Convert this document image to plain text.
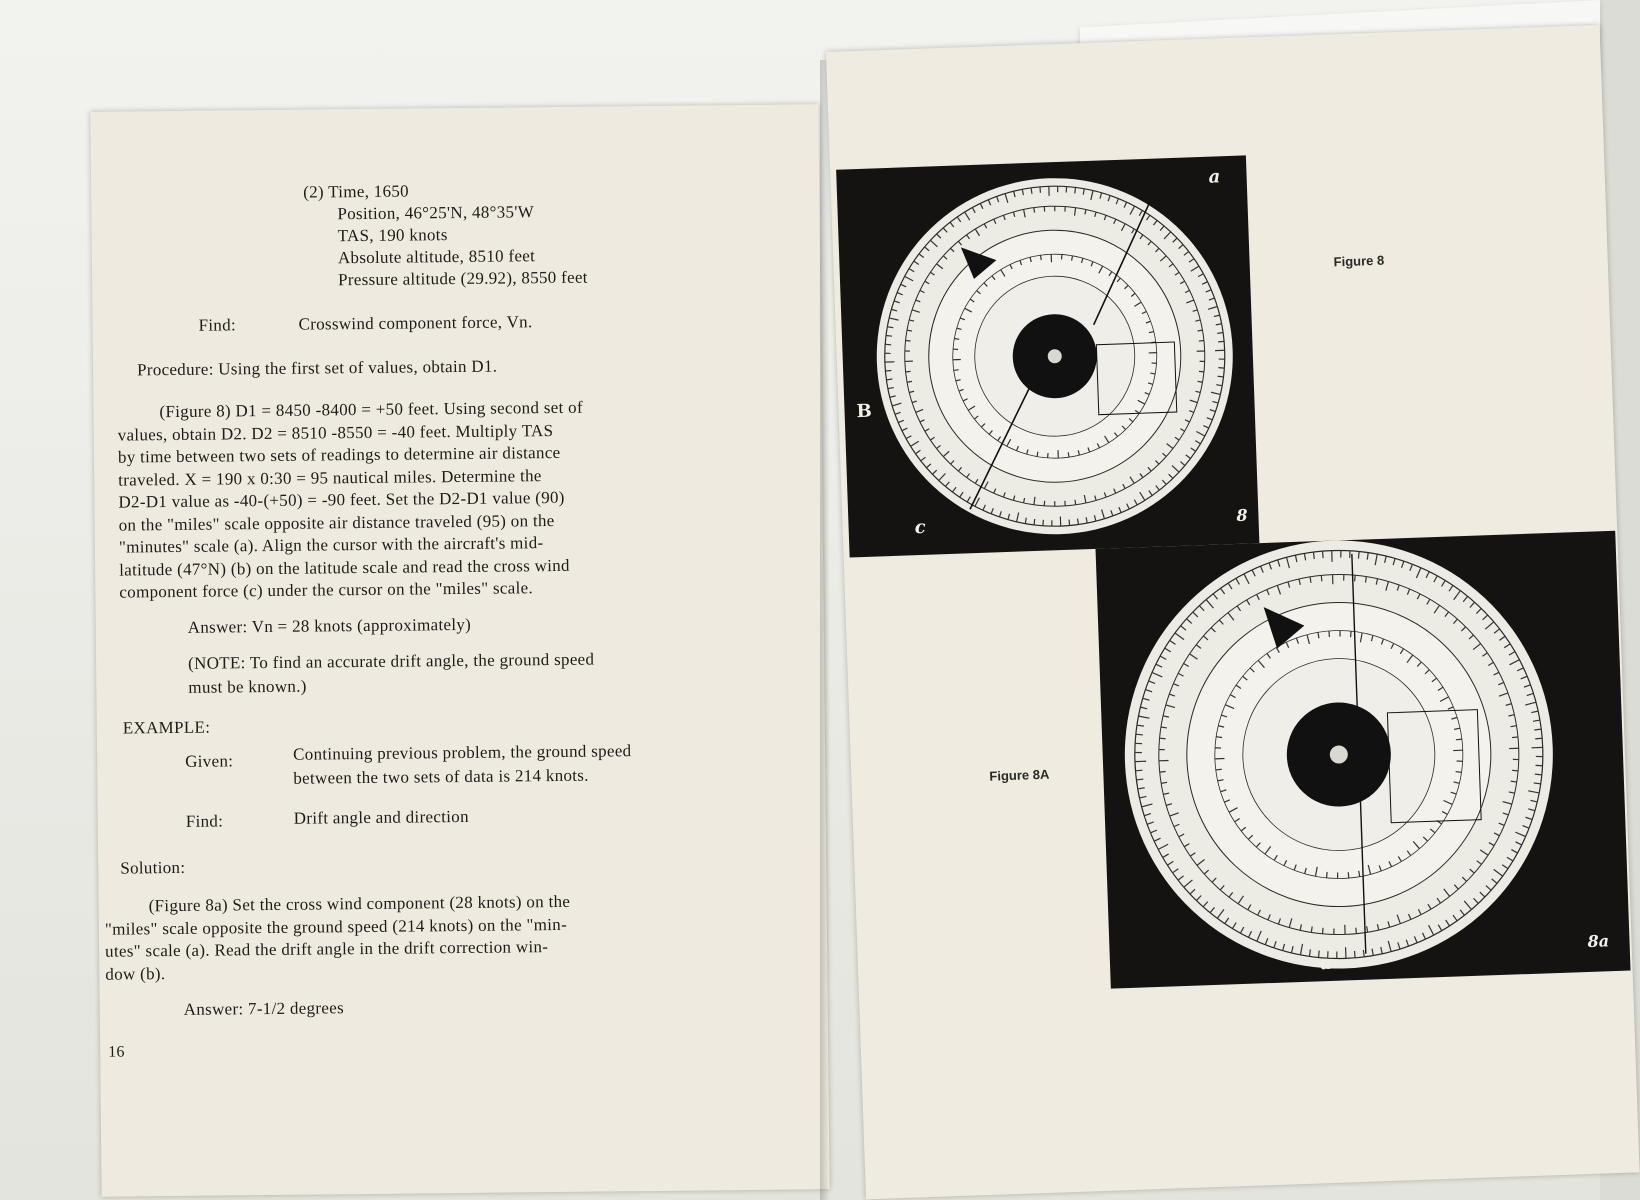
(2) Time, 1650
Position, 46°25'N, 48°35'W
TAS, 190 knots
Absolute altitude, 8510 feet
Pressure altitude (29.92), 8550 feet
Find:	Crosswind component force, Vn.
Procedure: Using the first set of values, obtain D1.
(Figure 8) D1 = 8450 -8400 = +50 feet. Using second set of
values, obtain D2. D2 = 8510 -8550 = -40 feet. Multiply TAS
by time between two sets of readings to determine air distance
traveled. X = 190 x 0:30 = 95 nautical miles. Determine the
D2-D1 value as -40-(+50) = -90 feet. Set the D2-D1 value (90)
on the "miles" scale opposite air distance traveled (95) on the
"minutes" scale (a). Align the cursor with the aircraft's mid-
latitude (47°N) (b) on the latitude scale and read the cross wind
component force (c) under the cursor on the "miles" scale.
Answer: Vn = 28 knots (approximately)
(NOTE: To find an accurate drift angle, the ground speed
must be known.)
EXAMPLE:
Given:	Continuing previous problem, the ground speed
between the two sets of data is 214 knots.
Find:	Drift angle and direction
Solution:
(Figure 8a) Set the cross wind component (28 knots) on the
"miles" scale opposite the ground speed (214 knots) on the "min-
utes" scale (a). Read the drift angle in the drift correction win-
dow (b).
Answer: 7-1/2 degrees
16
a
B
c
8
a
8a
Figure 8
Figure 8A
